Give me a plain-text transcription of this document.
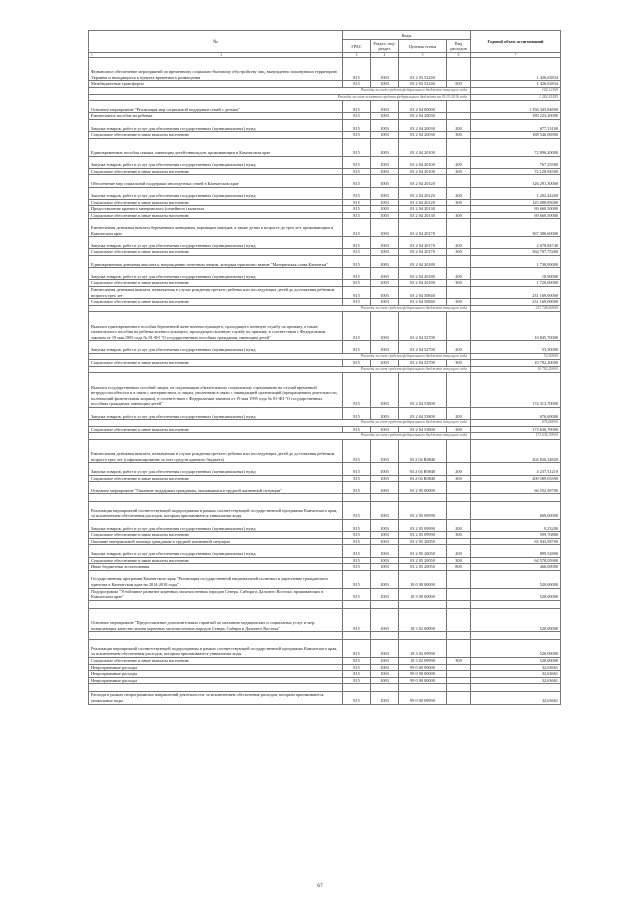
№	Коды				Годовой объем ассигнований
	ГРБС	Раздел, под-раздел	Целевая статья	Вид расходов	
1 2	3	4	5	6	7
Финансовое обеспечение мероприятий по временному социально-бытовому обустройству лиц, вынужденно покинувших территорию Украины и находящихся в пунктах временного размещения	815	1003	03 2 03 52240		1 426,63834
Межбюджетные трансферты	815	1003	03 2 03 52240	500	1 426,63834
Расходы за счет средств федерального бюджета текущего года					144,12369
Расходы за счет остатков средств федерального бюджета на 01.01.2016 года					1 282,41285
Основное мероприятие "Реализация мер социальной поддержки семей с детьми"	815	1003	03 2 04 00000		1 358 345,84690
Ежемесячное пособие на ребенка	815	1003	03 2 04 20030		189 223,20000
Закупка товаров, работ и услуг для обеспечения государственных (муниципальных) нужд	815	1003	03 2 04 20030	200	677,13100
Социальное обеспечение и иные выплаты населению	815	1003	03 2 04 20030	300	188 546,06900
Единовременные пособия семьям, имеющим детей-инвалидов, проживающим в Камчатском крае	815	1003	03 2 04 20100		72 896,20000
Закупка товаров, работ и услуг для обеспечения государственных (муниципальных) нужд	815	1003	03 2 04 20100	200	767,25500
Социальное обеспечение и иные выплаты населению	815	1003	03 2 04 20100	300	72 128,94500
Обеспечение мер социальной поддержки многодетных семей в Камчатском крае	815	1003	03 2 04 20120		126 291,30000
Закупка товаров, работ и услуг для обеспечения государственных (муниципальных) нужд	815	1003	03 2 04 20120	200	1 202,44260
Социальное обеспечение и иные выплаты населению	815	1003	03 2 04 20120	300	125 088,85000
Предоставление краевого материнского (семейного) капитала	815	1003	03 2 04 20130		69 660,50000
Социальное обеспечение и иные выплаты населению	815	1003	03 2 04 20130	300	69 660,50000
Ежемесячная денежная выплата беременным женщинам, кормящим матерям, а также детям в возрасте до трех лет, проживающим в Камчатском крае	815	1003	03 2 04 20170		367 386,60000
Закупка товаров, работ и услуг для обеспечения государственных (муниципальных) нужд	815	1003	03 2 04 20170	200	2 678,84740
Социальное обеспечение и иные выплаты населению	815	1003	03 2 04 20170	300	364 707,75260
Единовременная денежная выплата к награждению почетным знаком, которым присвоено звание "Материнская слава Камчатки"	815	1003	03 2 04 20180		1 738,90000
Закупка товаров, работ и услуг для обеспечения государственных (муниципальных) нужд	815	1003	03 2 04 20180	200	18,90000
Социальное обеспечение и иные выплаты населению	815	1003	03 2 04 20180	300	1 720,00000
Ежемесячная денежная выплата, назначаемая в случае рождения третьего ребенка или последующих детей до достижения ребенком возраста трех лет	815	1003	03 2 04 50840		231 169,00000
Социальное обеспечение и иные выплаты населению	815	1003	03 2 04 50840	300	231 169,00000
Расходы за счет средств федерального бюджета текущего года					211 748,60000
Выплата единовременного пособия беременной жене военнослужащего, проходящего военную службу по призыву, а также ежемесячного пособия на ребенка военнослужащего, проходящего военную службу по призыву, в соответствии с Федеральным законом от 19 мая 1995 года № 81-ФЗ "О государственных пособиях гражданам, имеющим детей"	815	1003	03 2 04 52700		10 845,70000
Закупка товаров, работ и услуг для обеспечения государственных (муниципальных) нужд	815	1003	03 2 04 52700	200	53,50000
Расходы за счет средств федерального бюджета текущего года					53,50000
Социальное обеспечение и иные выплаты населению	815	1003	03 2 04 52700	300	10 792,20000
Расходы за счет средств федерального бюджета текущего года					10 792,20000
Выплата государственных пособий лицам, не подлежащим обязательному социальному страхованию на случай временной нетрудоспособности и в связи с материнством, и лицам, уволенным в связи с ликвидацией организаций (прекращением деятельности, полномочий физическими лицами), в соответствии с Федеральным законом от 19 мая 1995 года № 81-ФЗ "О государственных пособиях гражданам, имеющим детей"	815	1003	03 2 04 53800		174 313,70000
Закупка товаров, работ и услуг для обеспечения государственных (муниципальных) нужд	815	1003	03 2 04 53800	200	676,60000
Расходы за счет средств федерального бюджета текущего года					676,60000
Социальное обеспечение и иные выплаты населению	815	1003	03 2 04 53800	300	173 636,70000
Расходы за счет средств федерального бюджета текущего года					173 636,70000
Ежемесячная денежная выплата, назначаемая в случае рождения третьего ребенка или последующих детей до достижения ребенком возраста трех лет (софинансирование за счет средств краевого бюджета)	815	1003	03 2 04 R0840		204 826,34820
Закупка товаров, работ и услуг для обеспечения государственных (муниципальных) нужд	815	1003	03 2 04 R0840	200	4 237,31210
Социальное обеспечение и иные выплаты населению	815	1003	03 2 04 R0840	300	200 589,03390
Основное мероприятие "Оказание поддержки гражданам, оказавшимся в трудной жизненной ситуации"	815	1003	03 2 05 00000		66 552,58700

Реализация мероприятий соответствующей подпрограммы в рамках соответствующей государственной программы Камчатского края, за исключением обеспечения расходов, которым присваиваются уникальные коды	815	1003	03 2 05 09990		609,00000
Закупка товаров, работ и услуг для обеспечения государственных (муниципальных) нужд	815	1003	03 2 05 09990	200	9,23200
Социальное обеспечение и иные выплаты населению	815	1003	03 2 05 09990	300	599,76800
Оказание материальной помощи гражданам в трудной жизненной ситуации	815	1003	03 2 05 20050		65 943,58700
Закупка товаров, работ и услуг для обеспечения государственных (муниципальных) нужд	815	1003	03 2 05 20050	200	899,52800
Социальное обеспечение и иные выплаты населению	815	1003	03 2 05 20050	300	64 578,05900
Иные бюджетные ассигнования	815	1003	03 2 05 20050	800	466,00000
Государственная программа Камчатского края "Реализация государственной национальной политики и укрепление гражданского единства в Камчатском крае на 2014-2018 годы"	815	1003	18 0 00 00000		520,00000
Подпрограмма "Устойчивое развитие коренных малочисленных народов Севера, Сибири и Дальнего Востока, проживающих в Камчатском крае"	815	1003	18 3 00 00000		520,00000

Основное мероприятие "Предоставление дополнительных гарантий по оказанию медицинских и социальных услуг и мер, повышающих качество жизни коренных малочисленных народов Севера, Сибири и Дальнего Востока"	815	1003	18 3 02 00000		520,00000

Реализация мероприятий соответствующей подпрограммы в рамках соответствующей государственной программы Камчатского края, за исключением обеспечения расходов, которым присваиваются уникальные коды	815	1003	18 3 02 09990		520,00000
Социальное обеспечение и иные выплаты населению	815	1003	18 3 02 09990	300	520,00000
Непрограммные расходы	815	1003	99 0 00 00000		32,63661
Непрограммные расходы	815	1003	99 0 00 00000		32,63661
Непрограммные расходы	815	1003	99 0 00 00000		32,63661

Расходы в рамках непрограммных направлений деятельности, за исключением обеспечения расходов, которым присваиваются уникальные коды	815	1003	99 0 00 09990		32,63661
67
